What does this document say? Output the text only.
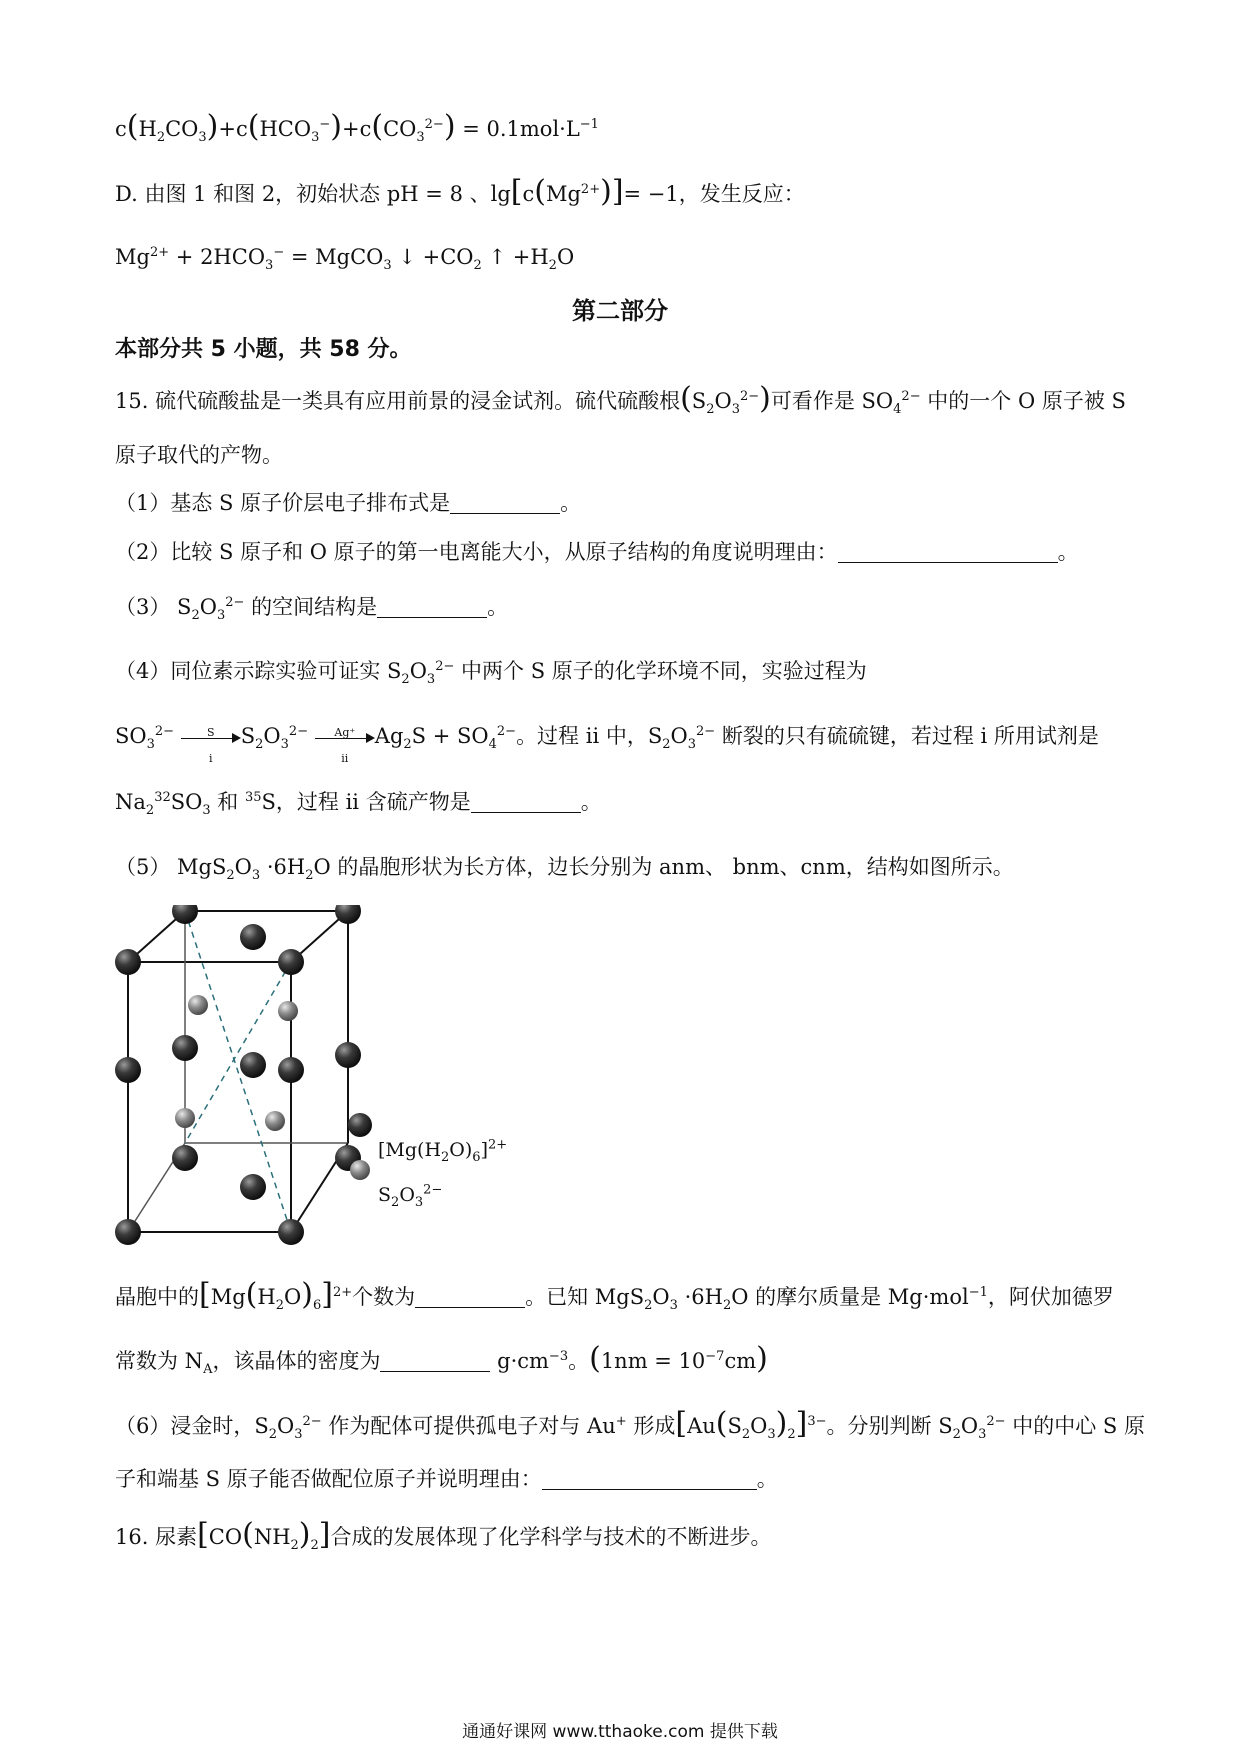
$c(H_2CO_3)+c(HCO_3^-)+c(CO_3^{2-}) = 0.1mol\cdot L^{-1}$
D. 由图 1 和图 2，初始状态 pH = 8 、$\lg[c(Mg^{2+})]= -1$，发生反应：
$Mg^{2+} + 2HCO_3^-$ = MgCO$_3$ ↓ $+CO_2$ ↑ $+H_2O$
第二部分
本部分共 5 小题，共 58 分。
15. 硫代硫酸盐是一类具有应用前景的浸金试剂。硫代硫酸根$(S_2O_3^{2-})$可看作是 $SO_4^{2-}$ 中的一个 O 原子被 S
原子取代的产物。
（1）基态 S 原子价层电子排布式是	。
（2）比较 S 原子和 O 原子的第一电离能大小，从原子结构的角度说明理由：	。
（3） $S_2O_3^{2-}$ 的空间结构是	。
（4）同位素示踪实验可证实 $S_2O_3^{2-}$ 中两个 S 原子的化学环境不同，实验过程为
$SO_3^{2-} \frac{S}{i} S_2O_3^{2-} \frac{Ag^+}{ii} Ag_2S + SO_4^{2-}$。过程 ii 中，$S_2O_3^{2-}$ 断裂的只有硫硫键，若过程 i 所用试剂是
$Na_2^{32}SO_3$ 和 $^{35}$S，过程 ii 含硫产物是	。
（5） $MgS_2O_3 \cdot 6H_2O$ 的晶胞形状为长方体，边长分别为 anm、 bnm、cnm，结构如图所示。
$[Mg(H_2O)_6]^{2+}$
$S_2O_3^{2-}$
晶胞中的$[Mg(H_2O)_6]^{2+}$个数为	。已知 $MgS_2O_3 \cdot 6H_2O$ 的摩尔质量是 Mg·mol$^{-1}$，阿伏加德罗
常数为 $N_A$，该晶体的密度为	$g\cdot cm^{-3}$。$(1nm = 10^{-7}cm)$
（6）浸金时，$S_2O_3^{2-}$ 作为配体可提供孤电子对与 Au+ 形成$[Au(S_2O_3)_2]^{3-}$。分别判断 $S_2O_3^{2-}$ 中的中心 S 原
子和端基 S 原子能否做配位原子并说明理由：	。
16. 尿素$[CO(NH_2)_2]$合成的发展体现了化学科学与技术的不断进步。
通通好课网 www.tthaoke.com 提供下载
